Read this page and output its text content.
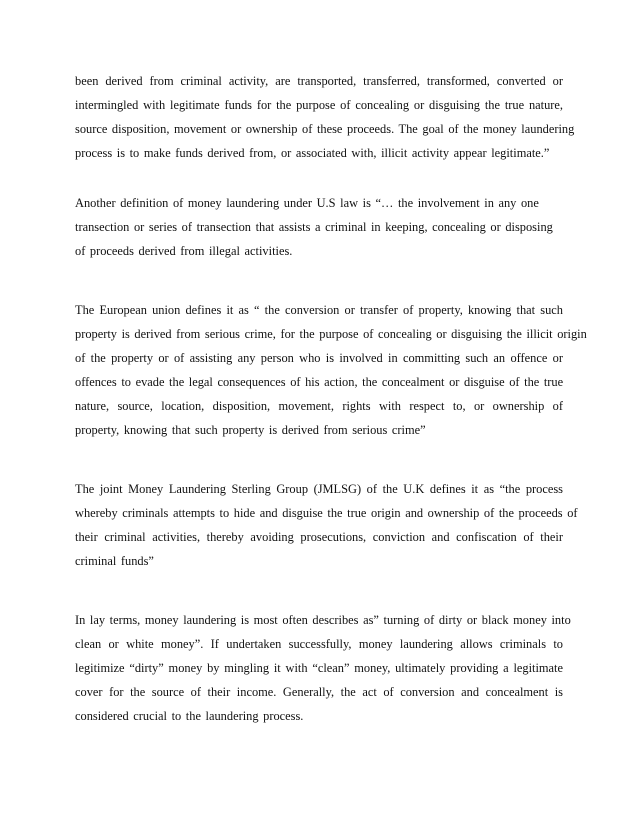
been derived from criminal activity, are transported, transferred, transformed, converted or
intermingled with legitimate funds for the purpose of concealing or disguising the true nature,
source disposition, movement or ownership of these proceeds. The goal of the money laundering
process is to make funds derived from, or associated with, illicit activity appear legitimate.”
Another definition of money laundering under U.S law is “… the involvement in any one
transection or series of transection that assists a criminal in keeping, concealing or disposing
of proceeds derived from illegal activities.
The European union defines it as “ the conversion or transfer of property, knowing that such
property is derived from serious crime, for the purpose of concealing or disguising the illicit origin
of the property or of assisting any person who is involved in committing such an offence or
offences to evade the legal consequences of his action, the concealment or disguise of the true
nature, source, location, disposition, movement, rights with respect to, or ownership of
property, knowing that such property is derived from serious crime”
The joint Money Laundering Sterling Group (JMLSG) of the U.K defines it as “the process
whereby criminals attempts to hide and disguise the true origin and ownership of the proceeds of
their criminal activities, thereby avoiding prosecutions, conviction and confiscation of their
criminal funds”
In lay terms, money laundering is most often describes as” turning of dirty or black money into
clean or white money”. If undertaken successfully, money laundering allows criminals to
legitimize “dirty” money by mingling it with “clean” money, ultimately providing a legitimate
cover for the source of their income. Generally, the act of conversion and concealment is
considered crucial to the laundering process.
